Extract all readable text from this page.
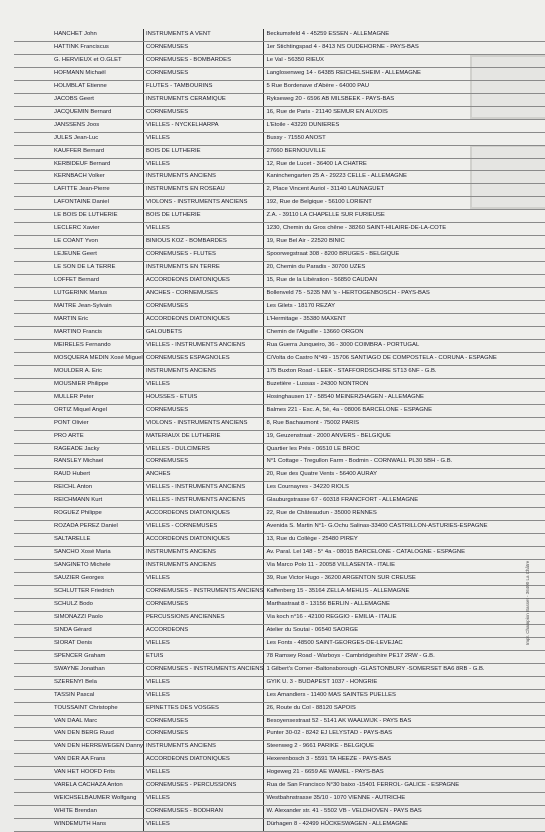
HANCHET John	INSTRUMENTS A VENT	Beckumsfeld 4 - 45259 ESSEN - ALLEMAGNE
HATTINK Franciscus	CORNEMUSES	1er Stichtingspad 4 - 8413 NS OUDEHORNE - PAYS-BAS
G. HERVIEUX et O.GLET	CORNEMUSES - BOMBARDES	Le Val - 56350 RIEUX
HOFMANN Michaël	CORNEMUSES	Langlosenweg 14 - 64385 REICHELSHEIM - ALLEMAGNE
HOLMBLAT Etienne	FLUTES - TAMBOURINS	5 Rue Bordenave d'Abère - 64000 PAU
JACOBS Geert	INSTRUMENTS CERAMIQUE	Rykseweg 20 - 6596 AB MILSBEEK - PAYS-BAS
JACQUEMIN Bernard	CORNEMUSES	16, Rue de Paris - 21140 SEMUR EN AUXOIS
JANSSENS Joos	VIELLES - NYCKELHARPA	L'Etoile - 43220 DUNIERES
JULES Jean-Luc	VIELLES	Bussy - 71550 ANOST
KAUFFER Bernard	BOIS DE LUTHERIE	27660 BERNOUVILLE
KERBIDEUF Bernard	VIELLES	12, Rue de Lucet - 36400 LA CHATRE
KERNBACH Volker	INSTRUMENTS ANCIENS	Kaninchengarten 25 A - 29223 CELLE - ALLEMAGNE
LAFITTE Jean-Pierre	INSTRUMENTS EN ROSEAU	2, Place Vincent Auriol - 31140 LAUNAGUET
LAFONTAINE Daniel	VIOLONS - INSTRUMENTS ANCIENS	192, Rue de Belgique - 56100 LORIENT
LE BOIS DE LUTHERIE	BOIS DE LUTHERIE	Z.A. - 39110 LA CHAPELLE SUR FURIEUSE
LECLERC Xavier	VIELLES	1230, Chemin du Gros chêne - 38260 SAINT-HILAIRE-DE-LA-COTE
LE COANT Yvon	BINIOUS KOZ - BOMBARDES	19, Rue Bel Air - 22520 BINIC
LEJEUNE Geert	CORNEMUSES - FLUTES	Spoorwegstraat 308 - 8200 BRUGES - BELGIQUE
LE SON DE LA TERRE	INSTRUMENTS EN TERRE	20, Chemin du Paradis - 30700 UZES
LOFFET Bernard	ACCORDEONS DIATONIQUES	15, Rue de la Libération - 56850 CAUDAN
LUTGERINK Marius	ANCHES - CORNEMUSES	Bollenveld 75 - 5235 NM 's - HERTOGENBOSCH - PAYS-BAS
MAITRE Jean-Sylvain	CORNEMUSES	Les Gilets - 18170 REZAY
MARTIN Eric	ACCORDEONS DIATONIQUES	L'Hermitage - 35380 MAXENT
MARTINO Francis	GALOUBETS	Chemin de l'Aiguille - 13660 ORGON
MEIRELES Fernando	VIELLES - INSTRUMENTS ANCIENS	Rua Guerra Junqueiro, 36 - 3000 COIMBRA - PORTUGAL
MOSQUERA MEDIN Xosé Miguel	CORNEMUSES ESPAGNOLES	C/Volta do Castro N°49 - 15706 SANTIAGO DE COMPOSTELA - CORUNA - ESPAGNE
MOULDER A. Eric	INSTRUMENTS ANCIENS	175 Buxton Road - LEEK - STAFFORDSCHIRE ST13 6NF - G.B.
MOUSNIER Philippe	VIELLES	Buzetière - Lussas - 24300 NONTRON
MULLER Peter	HOUSSES - ETUIS	Hosinghausen 17 - 58540 MEINERZHAGEN - ALLEMAGNE
ORTIZ Miquel Angel	CORNEMUSES	Balmes 221 - Esc. A, 5è, 4a - 08006 BARCELONE - ESPAGNE
PONT Olivier	VIOLONS - INSTRUMENTS ANCIENS	8, Rue Bachaumont - 75002 PARIS
PRO ARTE	MATERIAUX DE LUTHERIE	19, Geuzenstraat - 2000 ANVERS - BELGIQUE
RAGEADE Jacky	VIELLES - DULCIMERS	Quartier les Prés - 06510 LE BROC
RANSLEY Michael	CORNEMUSES	N°1 Cottage - Tregullon Farm - Bodmin - CORNWALL PL30 5BH - G.B.
RAUD Hubert	ANCHES	20, Rue des Quatre Vents - 56400 AURAY
REICHL Anton	VIELLES - INSTRUMENTS ANCIENS	Les Cournayres - 34220 RIOLS
REICHMANN Kurt	VIELLES - INSTRUMENTS ANCIENS	Glauburgstrasse 67 - 60318 FRANCFORT - ALLEMAGNE
ROGUEZ Philippe	ACCORDEONS DIATONIQUES	22, Rue de Châteaudun - 35000 RENNES
ROZADA PEREZ Daniel	VIELLES - CORNEMUSES	Avenida S. Martin N°1- G.Ochu Salinas-33400 CASTRILLON-ASTURIES-ESPAGNE
SALTARELLE	ACCORDEONS DIATONIQUES	13, Rue du Collège - 25480 PIREY
SANCHO Xosé Maria	INSTRUMENTS ANCIENS	Av. Paral. Lel 148 - 5° 4a - 08015 BARCELONE - CATALOGNE - ESPAGNE
SANGINETO Michele	INSTRUMENTS ANCIENS	Via Marco Polo 11 - 20058 VILLASENTA - ITALIE
SAUZIER Georges	VIELLES	39, Rue Victor Hugo - 36200 ARGENTON SUR CREUSE
SCHLUTTER Friedrich	CORNEMUSES - INSTRUMENTS ANCIENS	Kaffenberg 15 - 35164 ZELLA-MEHLIS - ALLEMAGNE
SCHULZ Bodo	CORNEMUSES	Marthastraat 8 - 13156 BERLIN - ALLEMAGNE
SIMONAZZI Paolo	PERCUSSIONS ANCIENNES	Via koch n°16 - 42100 REGGIO - EMILIA - ITALIE
SINDA Gérard	ACCORDEONS	Atelier du Soutai - 06540 SAORGE
SIORAT Denis	VIELLES	Les Fonts - 48500 SAINT-GEORGES-DE-LEVEJAC
SPENCER Graham	ETUIS	78 Ramsey Road - Warboys - Cambridgeshire PE17 2RW - G.B.
SWAYNE Jonathan	CORNEMUSES - INSTRUMENTS ANCIENS	1 Gilbert's Corner -Baltonsborough -GLASTONBURY -SOMERSET BA6 8RB - G.B.
SZERENYI Bela	VIELLES	GYIK U. 3 - BUDAPEST 1037 - HONGRIE
TASSIN Pascal	VIELLES	Les Amandiers - 11400 MAS SAINTES PUELLES
TOUSSAINT Christophe	EPINETTES DES VOSGES	26, Route du Col - 88120 SAPOIS
VAN DAAL Marc	CORNEMUSES	Besoyensestraat 52 - 5141 AK WAALWIJK - PAYS BAS
VAN DEN BERG Ruud	CORNEMUSES	Punter 30-02 - 8242 EJ LELYSTAD - PAYS-BAS
VAN DEN HERREWEGEN Danny	INSTRUMENTS ANCIENS	Steenweg 2 - 9661 PARIKE - BELGIQUE
VAN DER AA Frans	ACCORDEONS DIATONIQUES	Hexerenbosch 3 - 5591 TA HEEZE - PAYS-BAS
VAN HET HOOFD Frits	VIELLES	Hogeweg 21 - 6659 AE WAMEL - PAYS-BAS
VARELA CACHAZA Anton	CORNEMUSES - PERCUSSIONS	Rua de San Francisco N°30 baixo -15401 FERROL- GALICE - ESPAGNE
WEICHSELBAUMER Wolfgang	VIELLES	Westbahnstrasse 35/10 - 1070 VIENNE - AUTRICHE
WHITE Brendan	CORNEMUSES - BODHRAN	W. Alexander str. 41 - 5502 VB - VELDHOVEN - PAYS BAS
WINDEMUTH Hans	VIELLES	Dürhagen 8 - 42499 HÜCKESWAGEN - ALLEMAGNE
Impr. Champion Basset - 36400 La Châtre
